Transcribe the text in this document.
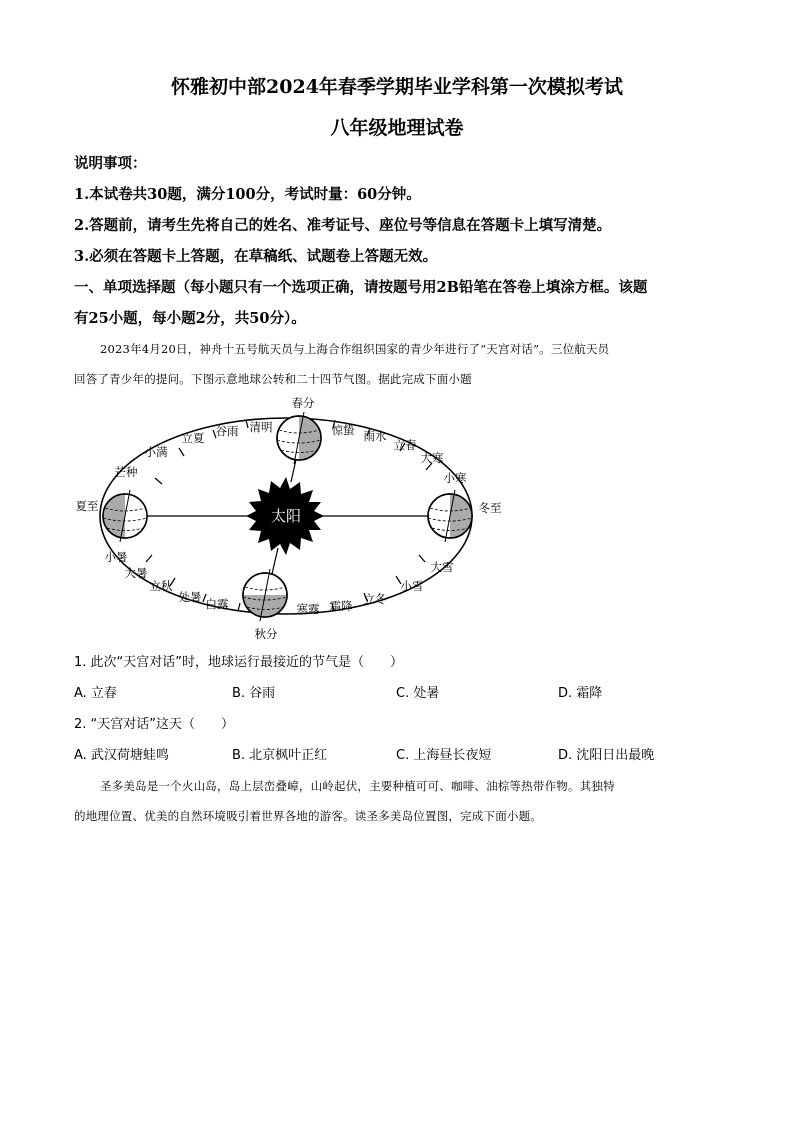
怀雅初中部2024年春季学期毕业学科第一次模拟考试
八年级地理试卷
说明事项：
1.本试卷共30题，满分100分，考试时量：60分钟。
2.答题前，请考生先将自己的姓名、准考证号、座位号等信息在答题卡上填写清楚。
3.必须在答题卡上答题，在草稿纸、试题卷上答题无效。
一、单项选择题（每小题只有一个选项正确，请按题号用2B铅笔在答卷上填涂方框。该题
有25小题，每小题2分，共50分）。
2023年4月20日，神舟十五号航天员与上海合作组织国家的青少年进行了“天宫对话”。三位航天员
回答了青少年的提问。下图示意地球公转和二十四节气图。据此完成下面小题
太阳
春分
惊蛰 雨水
立春
大寒
小寒
冬至
大雪
小雪
立冬
霜降
寒露
秋分
白露
处暑
立秋
大暑
小暑
夏至
芒种
小满
立夏 谷雨 清明
1. 此次“天宫对话”时，地球运行最接近的节气是（　　）
A. 立春	B. 谷雨	C. 处暑	D. 霜降
2. “天宫对话”这天（　　）
A. 武汉荷塘蛙鸣	B. 北京枫叶正红	C. 上海昼长夜短	D. 沈阳日出最晚
圣多美岛是一个火山岛，岛上层峦叠嶂，山岭起伏，主要种植可可、咖啡、油棕等热带作物。其独特
的地理位置、优美的自然环境吸引着世界各地的游客。读圣多美岛位置图，完成下面小题。
